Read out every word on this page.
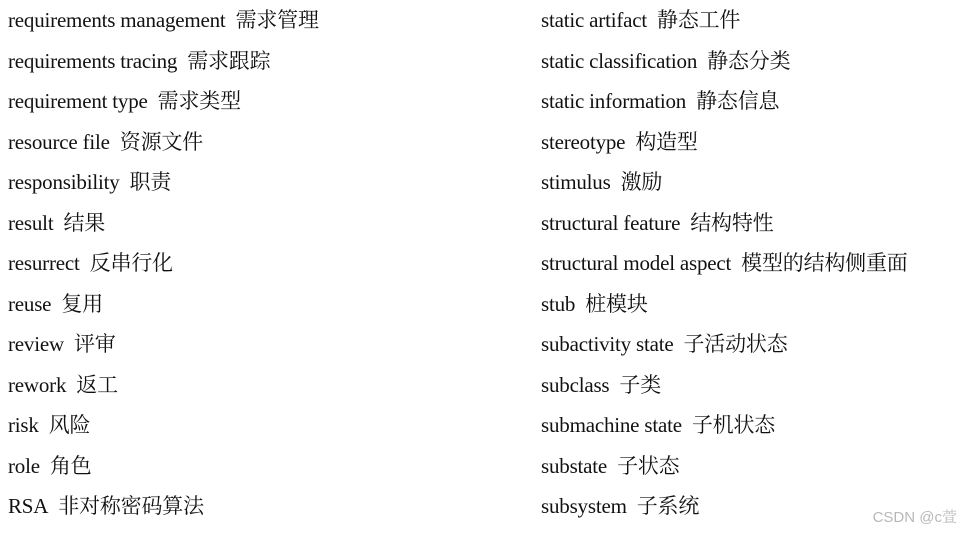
requirements management 需求管理
requirements tracing 需求跟踪
requirement type 需求类型
resource file 资源文件
responsibility 职责
result 结果
resurrect 反串行化
reuse 复用
review 评审
rework 返工
risk 风险
role 角色
RSA 非对称密码算法
static artifact 静态工件
static classification 静态分类
static information 静态信息
stereotype 构造型
stimulus 激励
structural feature 结构特性
structural model aspect 模型的结构侧重面
stub 桩模块
subactivity state 子活动状态
subclass 子类
submachine state 子机状态
substate 子状态
subsystem 子系统	CSDN @c萱
